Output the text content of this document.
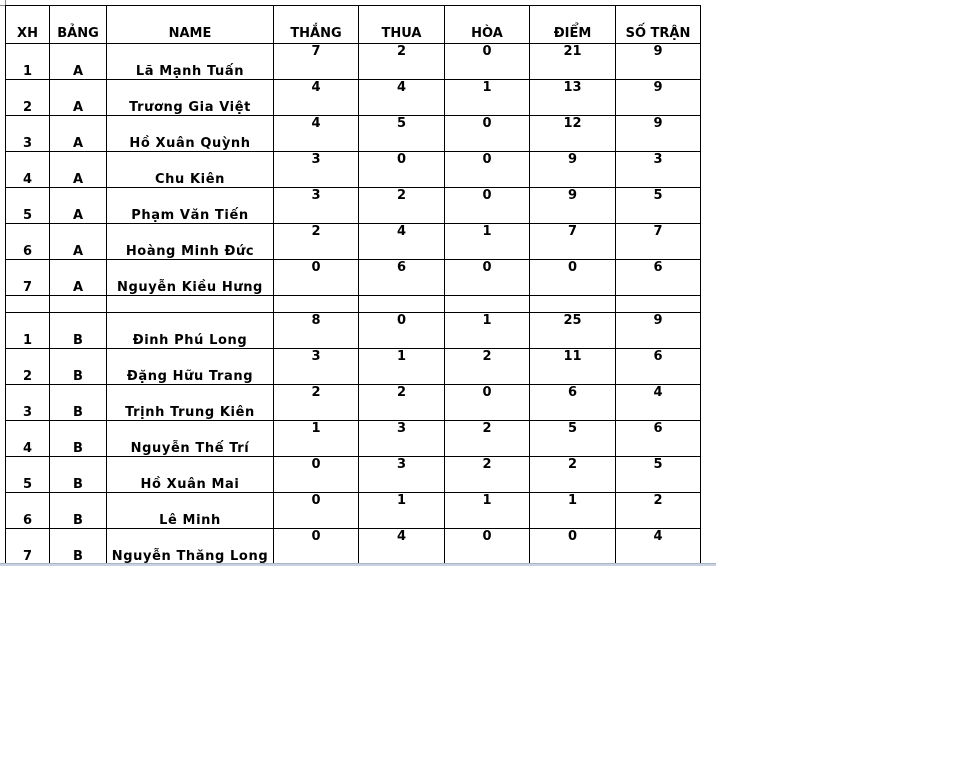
XH	BẢNG	NAME	THẮNG	THUA	HÒA	ĐIỂM	SỐ TRẬN
1	A	Lã Mạnh Tuấn	7	2	0	21	9
2	A	Trương Gia Việt	4	4	1	13	9
3	A	Hồ Xuân Quỳnh	4	5	0	12	9
4	A	Chu Kiên	3	0	0	9	3
5	A	Phạm Văn Tiến	3	2	0	9	5
6	A	Hoàng Minh Đức	2	4	1	7	7
7	A	Nguyễn Kiều Hưng	0	6	0	0	6

1	B	Đinh Phú Long	8	0	1	25	9
2	B	Đặng Hữu Trang	3	1	2	11	6
3	B	Trịnh Trung Kiên	2	2	0	6	4
4	B	Nguyễn Thế Trí	1	3	2	5	6
5	B	Hồ Xuân Mai	0	3	2	2	5
6	B	Lê Minh	0	1	1	1	2
7	B	Nguyễn Thăng Long	0	4	0	0	4
